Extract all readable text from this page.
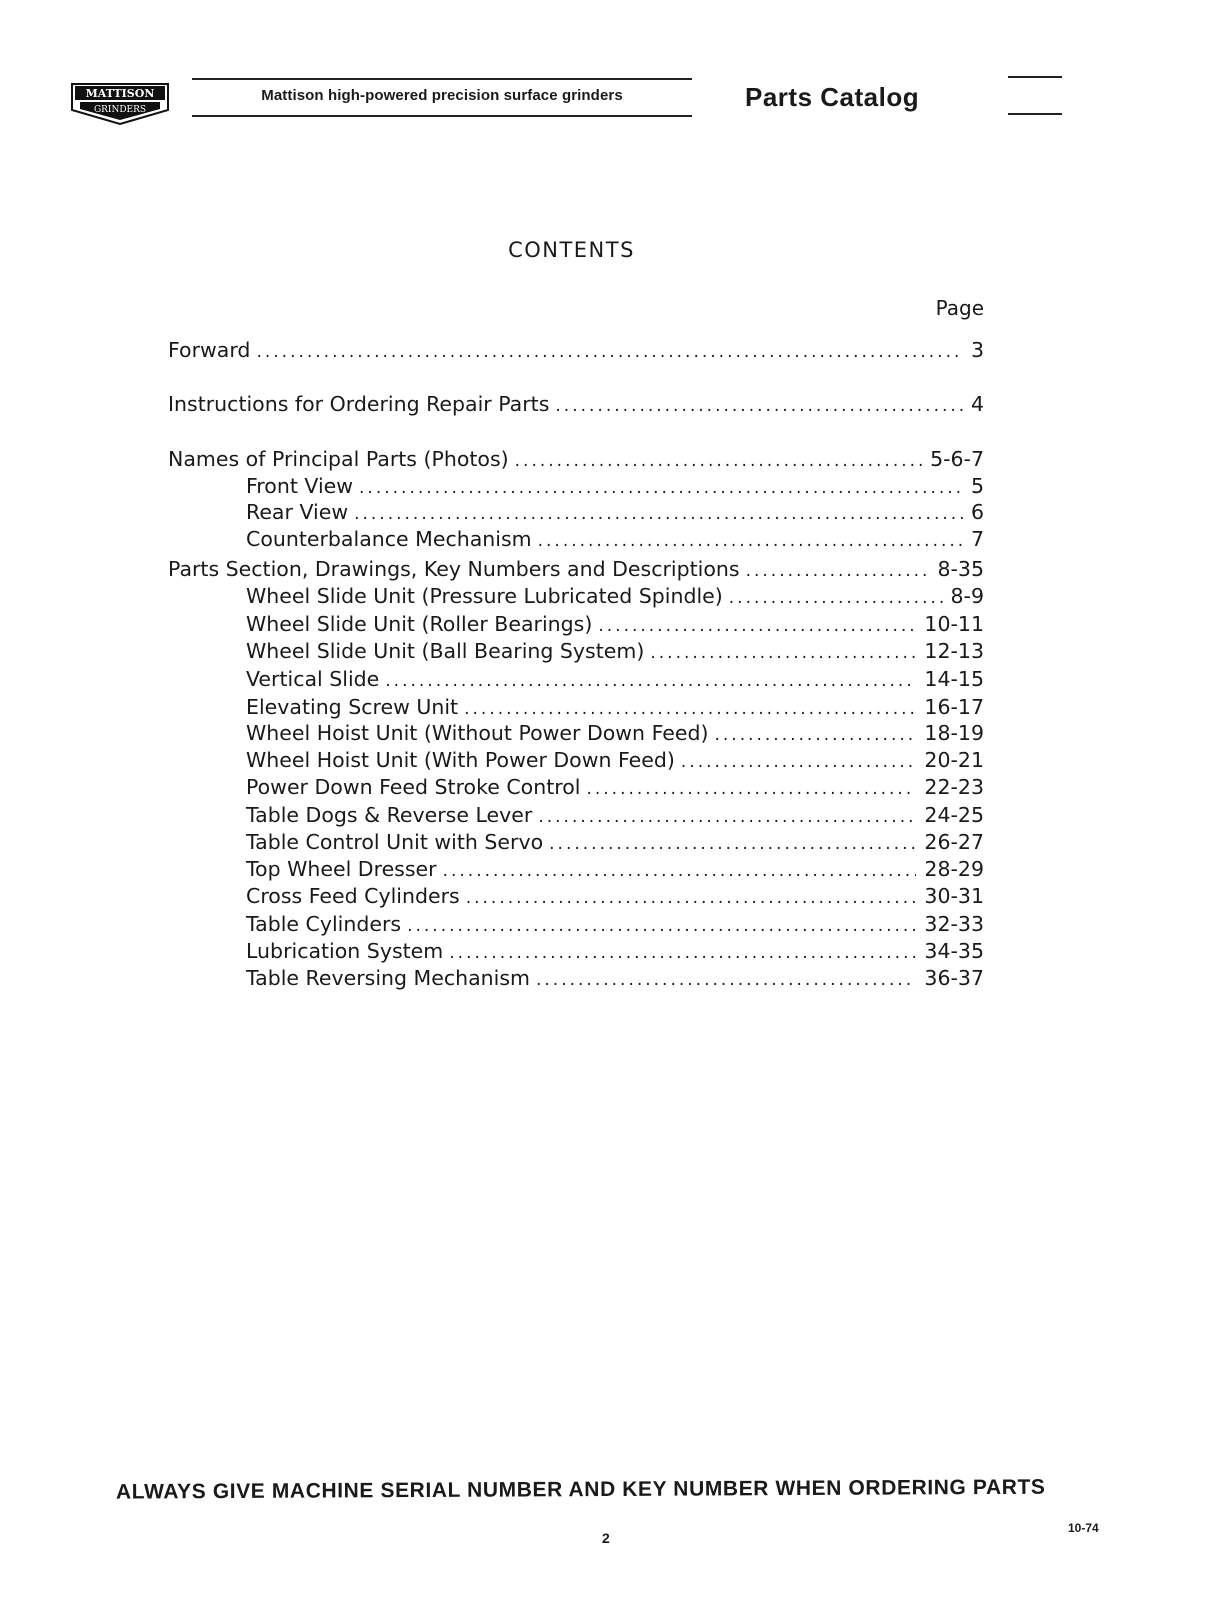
MATTISON
GRINDERS
Mattison high-powered precision surface grinders	Parts Catalog
CONTENTS
Page
Forward .....	3
Instructions for Ordering Repair Parts .....	4
Names of Principal Parts (Photos) .....	5-6-7
Front View .....	5
Rear View .....	6
Counterbalance Mechanism .....	7
Parts Section, Drawings, Key Numbers and Descriptions .....	8-35
Wheel Slide Unit (Pressure Lubricated Spindle) .....	8-9
Wheel Slide Unit (Roller Bearings) .....	10-11
Wheel Slide Unit (Ball Bearing System) .....	12-13
Vertical Slide .....	14-15
Elevating Screw Unit .....	16-17
Wheel Hoist Unit (Without Power Down Feed) .....	18-19
Wheel Hoist Unit (With Power Down Feed) .....	20-21
Power Down Feed Stroke Control .....	22-23
Table Dogs & Reverse Lever .....	24-25
Table Control Unit with Servo .....	26-27
Top Wheel Dresser .....	28-29
Cross Feed Cylinders .....	30-31
Table Cylinders .....	32-33
Lubrication System .....	34-35
Table Reversing Mechanism .....	36-37
ALWAYS GIVE MACHINE SERIAL NUMBER AND KEY NUMBER WHEN ORDERING PARTS
2
10-74
